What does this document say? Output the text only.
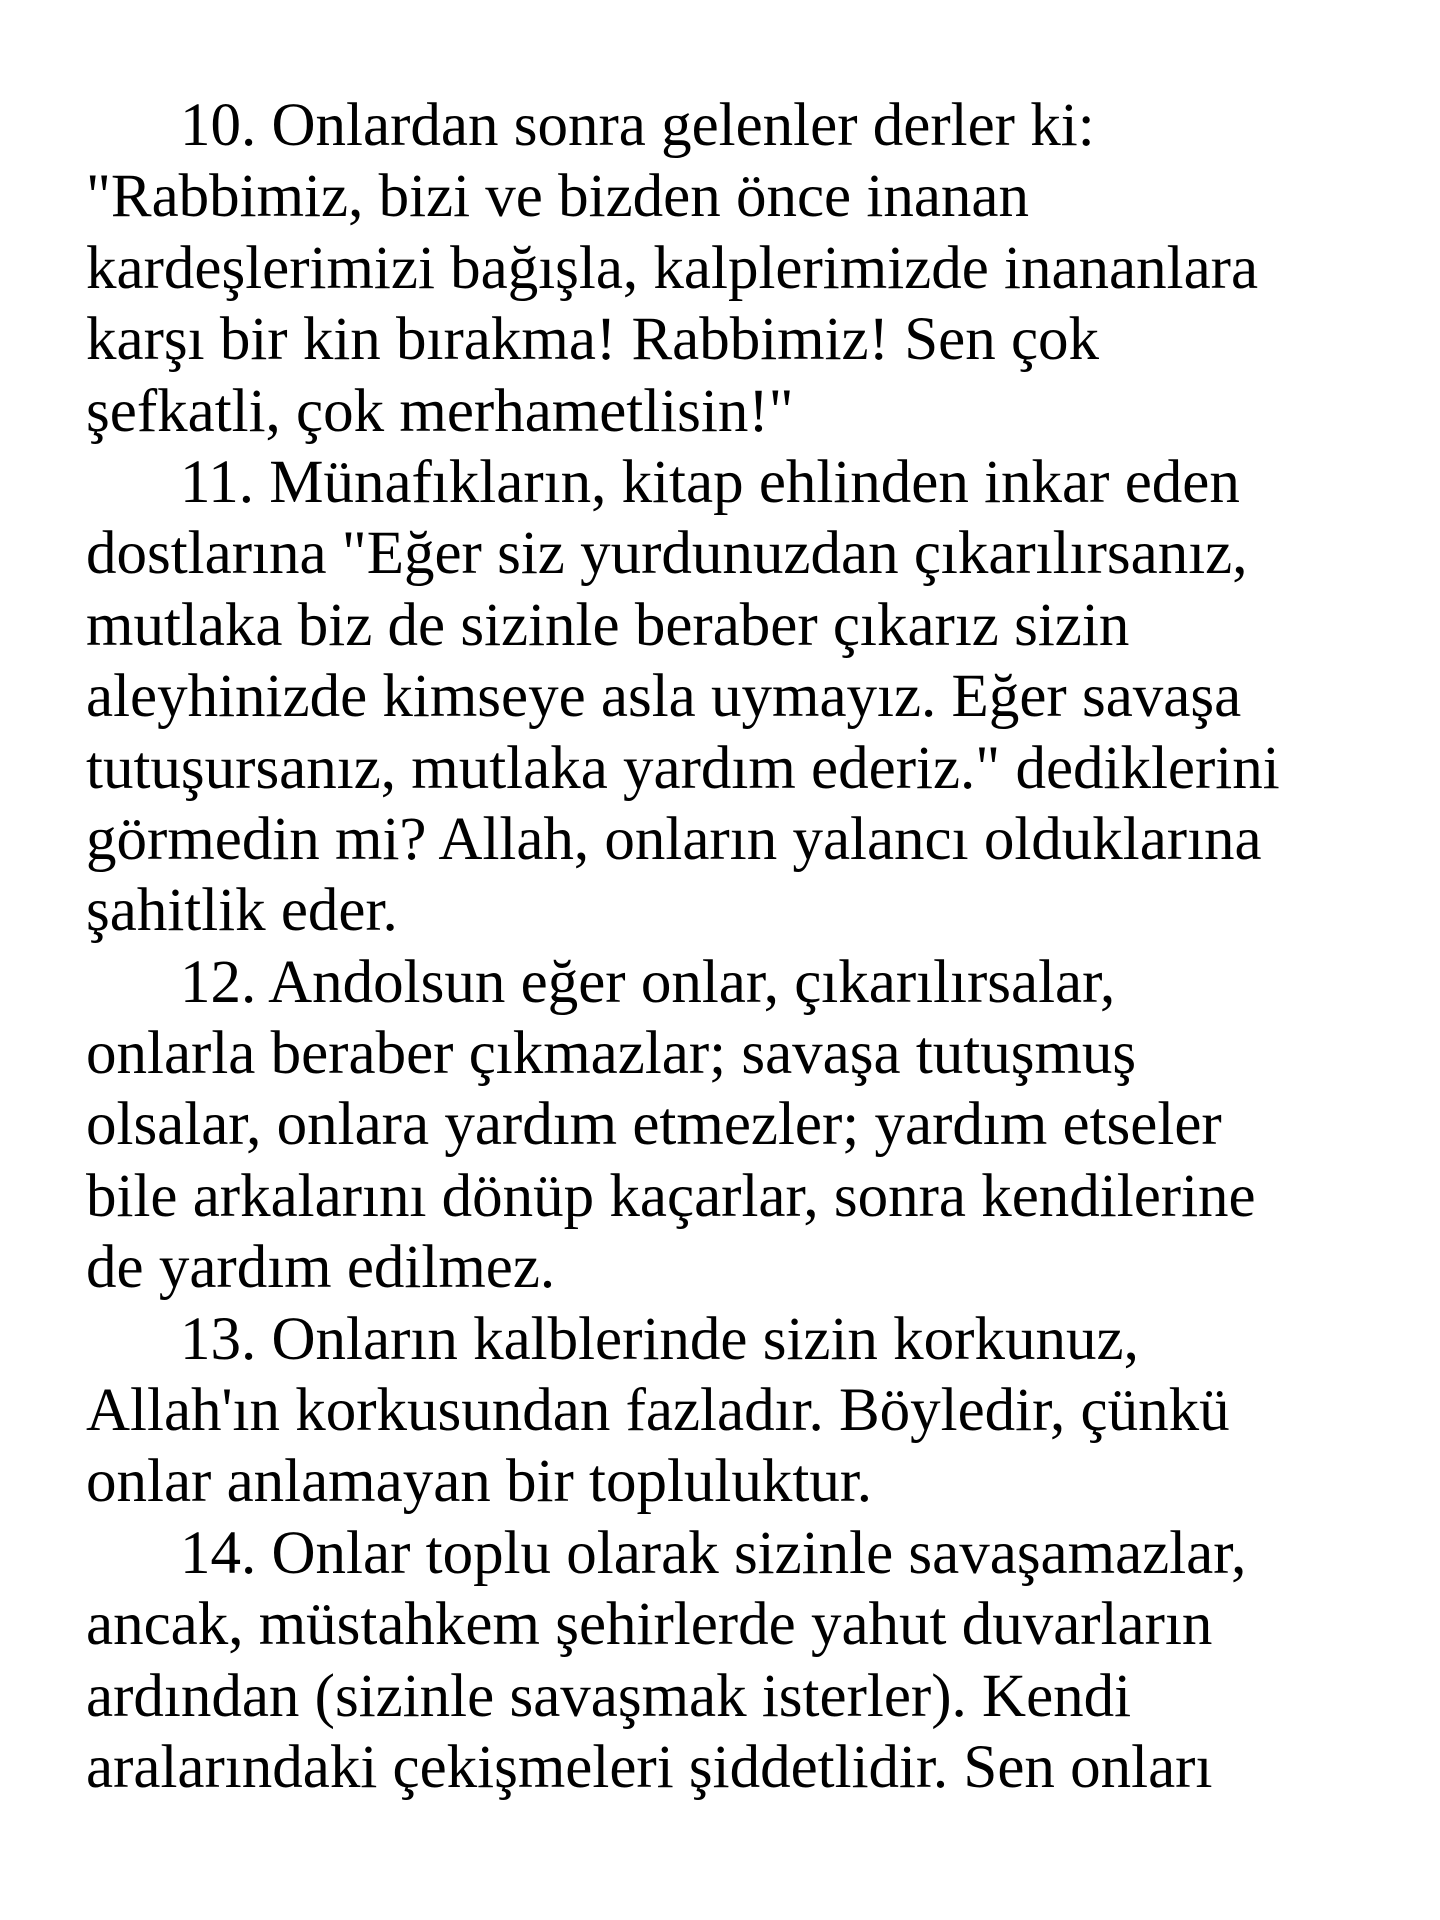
10. Onlardan sonra gelenler derler ki:
"Rabbimiz, bizi ve bizden önce inanan
kardeşlerimizi bağışla, kalplerimizde inananlara
karşı bir kin bırakma! Rabbimiz! Sen çok
şefkatli, çok merhametlisin!"
11. Münafıkların, kitap ehlinden inkar eden
dostlarına "Eğer siz yurdunuzdan çıkarılırsanız,
mutlaka biz de sizinle beraber çıkarız sizin
aleyhinizde kimseye asla uymayız. Eğer savaşa
tutuşursanız, mutlaka yardım ederiz." dediklerini
görmedin mi? Allah, onların yalancı olduklarına
şahitlik eder.
12. Andolsun eğer onlar, çıkarılırsalar,
onlarla beraber çıkmazlar; savaşa tutuşmuş
olsalar, onlara yardım etmezler; yardım etseler
bile arkalarını dönüp kaçarlar, sonra kendilerine
de yardım edilmez.
13. Onların kalblerinde sizin korkunuz,
Allah'ın korkusundan fazladır. Böyledir, çünkü
onlar anlamayan bir topluluktur.
14. Onlar toplu olarak sizinle savaşamazlar,
ancak, müstahkem şehirlerde yahut duvarların
ardından (sizinle savaşmak isterler). Kendi
aralarındaki çekişmeleri şiddetlidir. Sen onları
